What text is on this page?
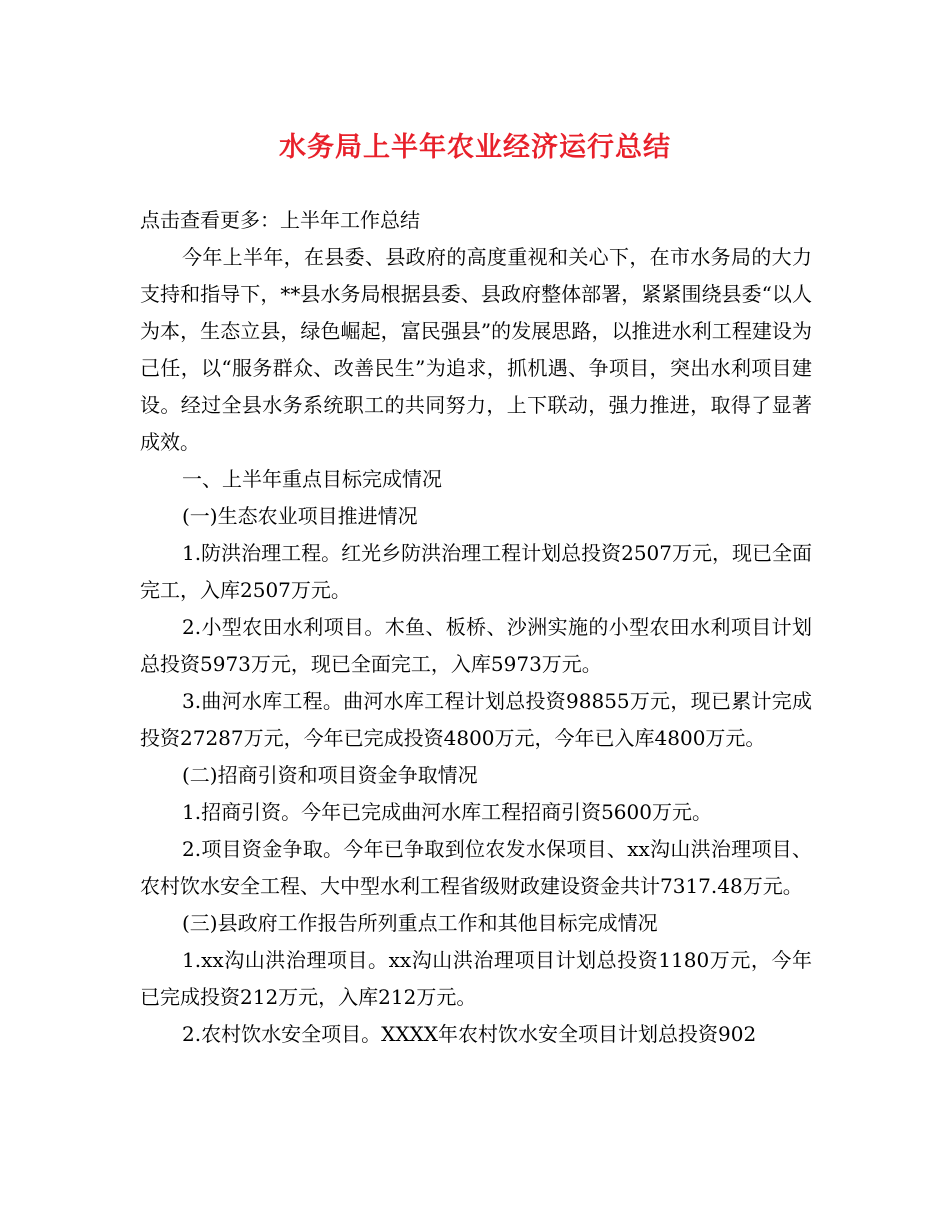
水务局上半年农业经济运行总结

点击查看更多：上半年工作总结

今年上半年，在县委、县政府的高度重视和关心下，在市水务局的大力支持和指导下，**县水务局根据县委、县政府整体部署，紧紧围绕县委“以人为本，生态立县，绿色崛起，富民强县”的发展思路，以推进水利工程建设为己任，以“服务群众、改善民生”为追求，抓机遇、争项目，突出水利项目建设。经过全县水务系统职工的共同努力，上下联动，强力推进，取得了显著成效。

一、上半年重点目标完成情况

(一)生态农业项目推进情况

1.防洪治理工程。红光乡防洪治理工程计划总投资2507万元，现已全面完工，入库2507万元。

2.小型农田水利项目。木鱼、板桥、沙洲实施的小型农田水利项目计划总投资5973万元，现已全面完工，入库5973万元。

3.曲河水库工程。曲河水库工程计划总投资98855万元，现已累计完成投资27287万元，今年已完成投资4800万元，今年已入库4800万元。

(二)招商引资和项目资金争取情况

1.招商引资。今年已完成曲河水库工程招商引资5600万元。

2.项目资金争取。今年已争取到位农发水保项目、xx沟山洪治理项目、农村饮水安全工程、大中型水利工程省级财政建设资金共计7317.48万元。

(三)县政府工作报告所列重点工作和其他目标完成情况

1.xx沟山洪治理项目。xx沟山洪治理项目计划总投资1180万元，今年已完成投资212万元，入库212万元。

2.农村饮水安全项目。XXXX年农村饮水安全项目计划总投资902
